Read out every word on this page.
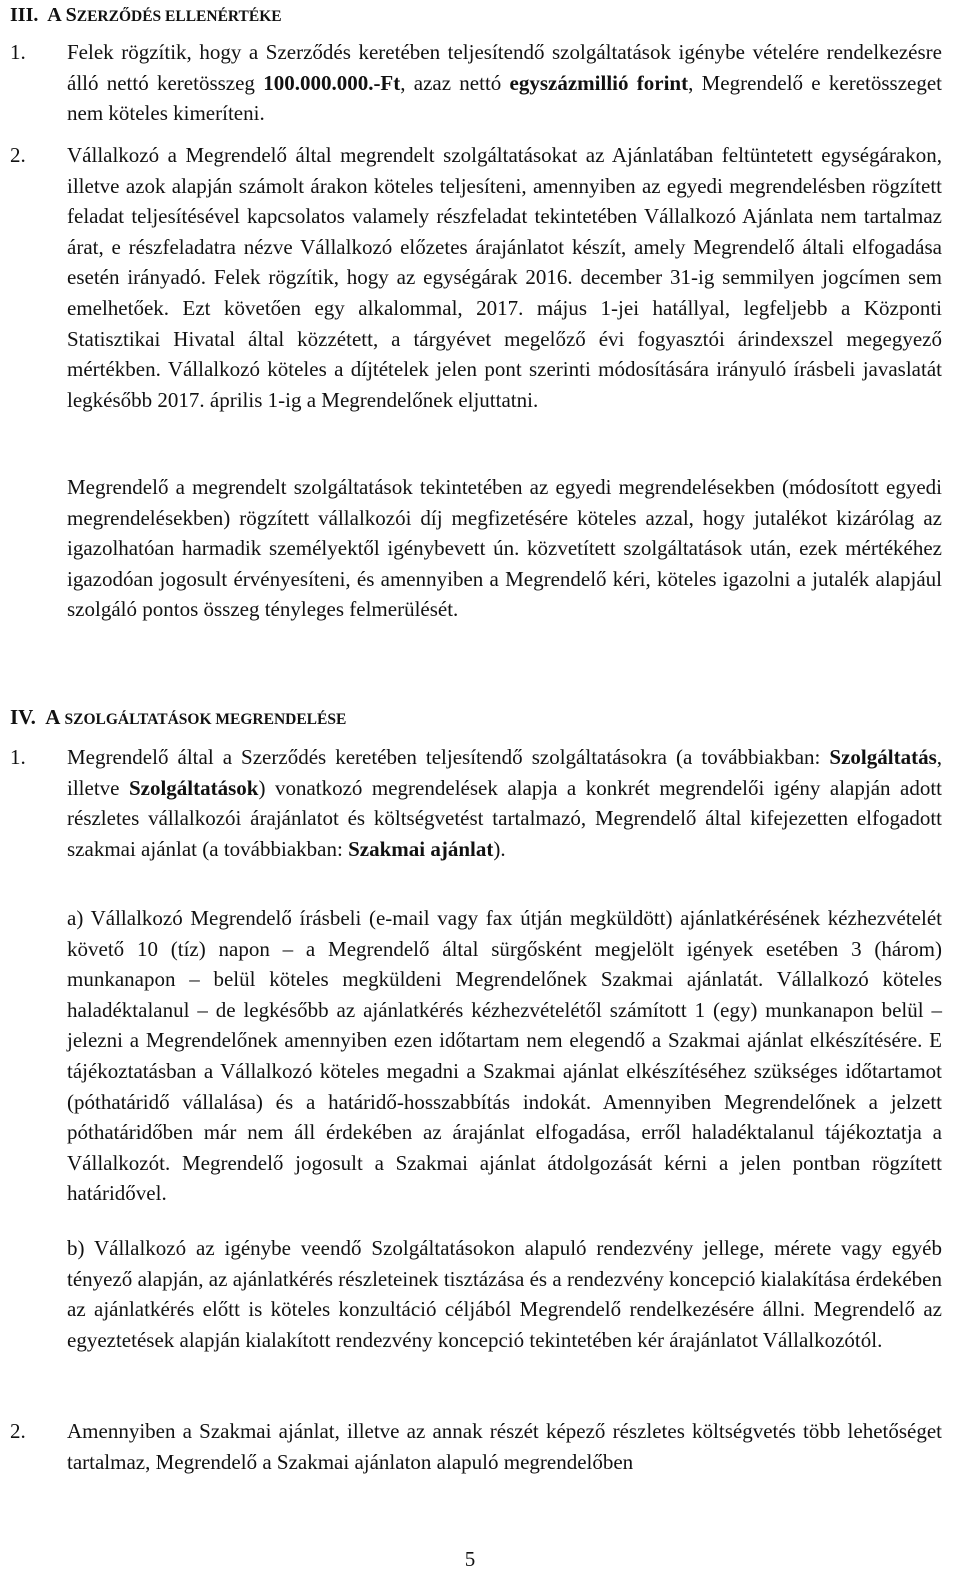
III. A SZERZŐDÉS ELLENÉRTÉKE
1. Felek rögzítik, hogy a Szerződés keretében teljesítendő szolgáltatások igénybe vételére rendelkezésre álló nettó keretösszeg 100.000.000.-Ft, azaz nettó egyszázmillió forint, Megrendelő e keretösszeget nem köteles kimeríteni.

2. Vállalkozó a Megrendelő által megrendelt szolgáltatásokat az Ajánlatában feltüntetett egységárakon, illetve azok alapján számolt árakon köteles teljesíteni, amennyiben az egyedi megrendelésben rögzített feladat teljesítésével kapcsolatos valamely részfeladat tekintetében Vállalkozó Ajánlata nem tartalmaz árat, e részfeladatra nézve Vállalkozó előzetes árajánlatot készít, amely Megrendelő általi elfogadása esetén irányadó. Felek rögzítik, hogy az egységárak 2016. december 31-ig semmilyen jogcímen sem emelhetőek. Ezt követően egy alkalommal, 2017. május 1-jei hatállyal, legfeljebb a Központi Statisztikai Hivatal által közzétett, a tárgyévet megelőző évi fogyasztói árindexszel megegyező mértékben. Vállalkozó köteles a díjtételek jelen pont szerinti módosítására irányuló írásbeli javaslatát legkésőbb 2017. április 1-ig a Megrendelőnek eljuttatni.

Megrendelő a megrendelt szolgáltatások tekintetében az egyedi megrendelésekben (módosított egyedi megrendelésekben) rögzített vállalkozói díj megfizetésére köteles azzal, hogy jutalékot kizárólag az igazolhatóan harmadik személyektől igénybevett ún. közvetített szolgáltatások után, ezek mértékéhez igazodóan jogosult érvényesíteni, és amennyiben a Megrendelő kéri, köteles igazolni a jutalék alapjául szolgáló pontos összeg tényleges felmerülését.

IV. A SZOLGÁLTATÁSOK MEGRENDELÉSE
1. Megrendelő által a Szerződés keretében teljesítendő szolgáltatásokra (a továbbiakban: Szolgáltatás, illetve Szolgáltatások) vonatkozó megrendelések alapja a konkrét megrendelői igény alapján adott részletes vállalkozói árajánlatot és költségvetést tartalmazó, Megrendelő által kifejezetten elfogadott szakmai ajánlat (a továbbiakban: Szakmai ajánlat).

a) Vállalkozó Megrendelő írásbeli (e-mail vagy fax útján megküldött) ajánlatkérésének kézhezvételét követő 10 (tíz) napon – a Megrendelő által sürgősként megjelölt igények esetében 3 (három) munkanapon – belül köteles megküldeni Megrendelőnek Szakmai ajánlatát. Vállalkozó köteles haladéktalanul – de legkésőbb az ajánlatkérés kézhezvételétől számított 1 (egy) munkanapon belül – jelezni a Megrendelőnek amennyiben ezen időtartam nem elegendő a Szakmai ajánlat elkészítésére. E tájékoztatásban a Vállalkozó köteles megadni a Szakmai ajánlat elkészítéséhez szükséges időtartamot (póthatáridő vállalása) és a határidő-hosszabbítás indokát. Amennyiben Megrendelőnek a jelzett póthatáridőben már nem áll érdekében az árajánlat elfogadása, erről haladéktalanul tájékoztatja a Vállalkozót. Megrendelő jogosult a Szakmai ajánlat átdolgozását kérni a jelen pontban rögzített határidővel.

b) Vállalkozó az igénybe veendő Szolgáltatásokon alapuló rendezvény jellege, mérete vagy egyéb tényező alapján, az ajánlatkérés részleteinek tisztázása és a rendezvény koncepció kialakítása érdekében az ajánlatkérés előtt is köteles konzultáció céljából Megrendelő rendelkezésére állni. Megrendelő az egyeztetések alapján kialakított rendezvény koncepció tekintetében kér árajánlatot Vállalkozótól.

2. Amennyiben a Szakmai ajánlat, illetve az annak részét képező részletes költségvetés több lehetőséget tartalmaz, Megrendelő a Szakmai ajánlaton alapuló megrendelőben

5
